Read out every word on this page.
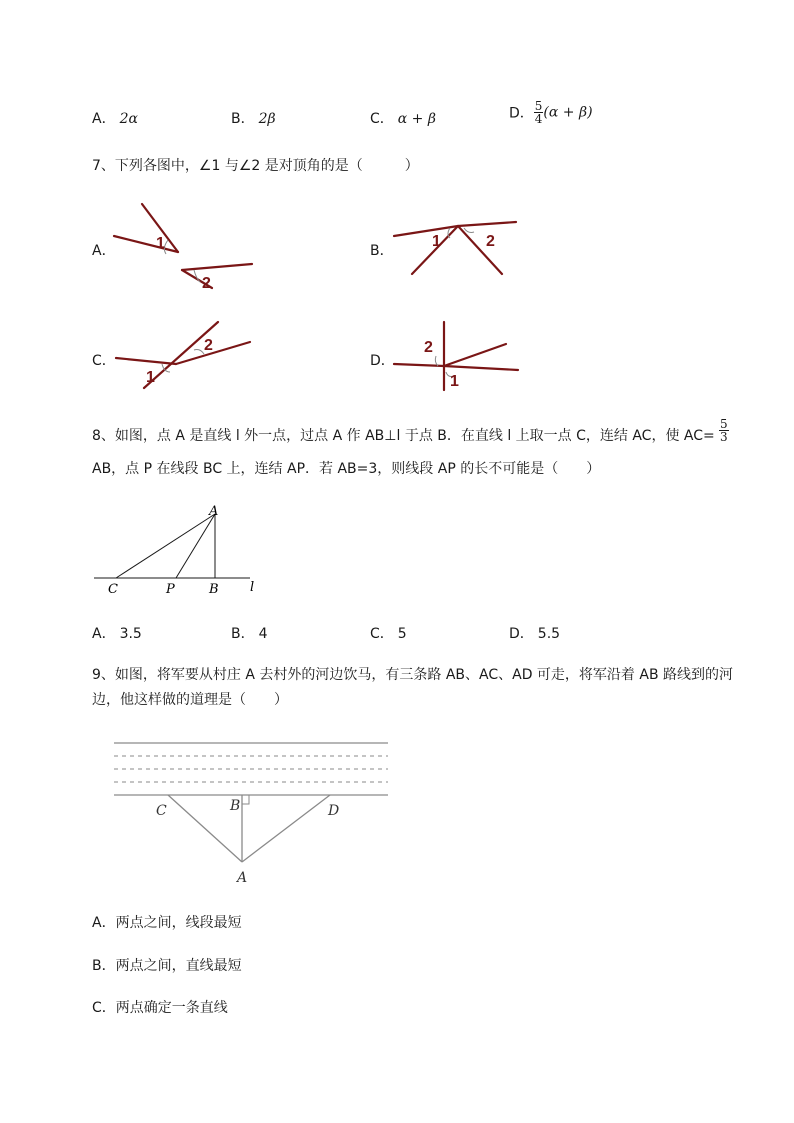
A． 2α	B． 2β	C． α + β	D． $\frac{5}{4} (\alpha + \beta)$
7、下列各图中，∠1 与∠2 是对顶角的是（　　　）
A．	B．
C．	D．
1
2
1	2
1
2	2
1
8、如图，点 A 是直线 l 外一点，过点 A 作 AB⊥l 于点 B．在直线 l 上取一点 C，连结 AC，使 $AC= \frac{5}{3}$
AB，点 P 在线段 BC 上，连结 AP．若 AB=3，则线段 AP 的长不可能是（　　）
A
C	P	B l
A． 3.5	B． 4	C． 5	D． 5.5
9、如图，将军要从村庄 A 去村外的河边饮马，有三条路 AB、AC、AD 可走，将军沿着 AB 路线到的河
边，他这样做的道理是（　　）
C	B	D
A
A．两点之间，线段最短
B．两点之间，直线最短
C．两点确定一条直线
